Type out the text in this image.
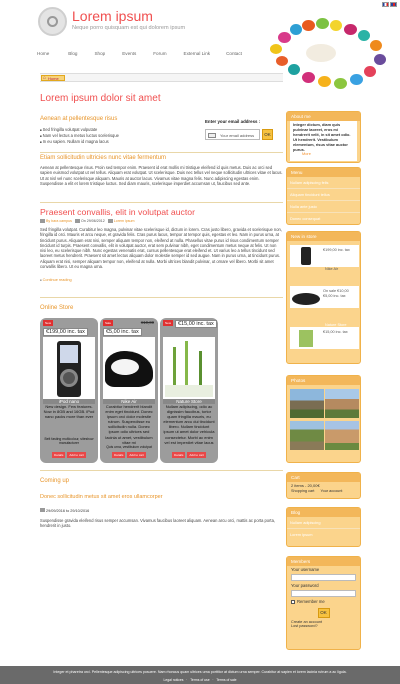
Lorem ipsum
Neque porro quisquam est qui dolorem ipsum
Home	Blog	Shop	Events	Forum	External Link	Contact
⌂ Home
Lorem ipsum dolor sit amet
Aenean at pellentesque risus
■ Sed fringilla volutpat vulputate
■ Nam vel lectus a metus luctus scelerisque
■ In eu sapien. Nullam id magna lacus
Enter your email address :
Your email address	OK
Etiam sollicitudin ultricies nunc vitae fermentum
Aenean at pellentesque risus. Proin sed tempor enim. Praesent id erat mollis mi tristique eleifend id quis metus. Duis ac orci sed sapien euismod volutpat ut vel tellus. Aliquam erat volutpat. Ut scelerisque. Duis nec tellus vel neque sollicitudin ultrices vitae et lacus. Ut at nisl vel nunc scelerisque aliquam. Mauris at auctor lacus. Vivamus vitae magna felis. Nunc adipiscing egestas enim. Suspendisse a elit et lorem tristique luctus. Sed diam mauris, scelerisque imperdiet accumsan ut, faucibus sed ante.
Praesent convallis, elit in volutpat auctor
By bara campus	On 29/06/2012	Lorem ipsum
Sed fringilla volutpat. Curabitur leo magna, pulvinar vitae scelerisque id, dictum in lorem. Cras justo libero, gravida et scelerisque non, fringilla id orci. Mauris et arcu neque, et gravida felis. Cras purus lacus, tempor at tempor quis, egestas et leo. Nam in purus urna, at tincidunt purus. Aliquam erat nisi, semper aliquam tempor non, eleifend at nulla. Phasellus vitae purus id risus condimentum semper tincidunt id turpis. Praesent convallis, elit in volutpat auctor, erat sem pulvinar nibh, eget condimentum metus neque at felis. Ut non nisi leo, eu scelerisque nibh. Nunc egestas venenatis erat, cursus pellentesque erat eleifend et. Ut varius leo a tellus tincidunt sed laoreet metus hendrerit. Praesent sit amet lectus aliquam dolor molestie semper id sed augue. Nam in purus urna, at tincidunt purus. Aliquam erat nisi, semper aliquam tempor non, eleifend at nulla. Morbi ultrices blandit pulvinar, ut ornare vel libero. Morbi sit amet convallis libero. Ut eu magna urna.
■ Continue reading
Online Store
New
€199,00 inc. tax
iPod nano
New design. Few features. Now in 8GB and 16GB. iPod nano packs more than ever
Belt fasting multicolour, siteshow manufacturer
Details	Add to cart
Sale	€10,00
€5,00 inc. tax
Nike Air
Curabitur hendrerit blandit enim eget tincidunt. Donec ipsum orci dolor molestie rutrum. Suspendisse eu sollicitudin nulla. Donec ipsum odio ultrices sed lacinia ut amet, vestibulum vitae mi
Quis urna, vestibulum volutpat
Details	Add to cart
New	€15,00 inc. tax
Nature Store
Nullam adipiscing, odio ac dignissim faucibus, tortor quam fringilla mauris, eu elementum arcu dui tincidunt libero. Nullam tincidunt ipsum ut amet dolor vehicula consectetur. Morbi ac enim vel est imperdiet vitae lacus
Details	Add to cart
Coming up
Donec sollicitudin metus sit amet eros ullamcorper
29/09/2016 to 29/10/2016
Suspendisse gravida eleifend risus semper accumsan. Vivamus faucibus laoreet aliquam. Aenean arcu orci, mattis ac porta porta, hendrerit in justo.
About me
Integer dictum, diam quis pulvinar laoreet, eros mi hendrerit velit, in sit amet odio. Ut hendrerit. Vestibulum elementum, risus vitae auctor purus.
More
Menu
Nullam adipiscing felis
Aliquam tincidunt tellus
Nulla ante justo
Donec consequat
New in store
€199,00 inc. tax
On sale €10,00 €5,00 inc. tax
€15,00 inc. tax
Nike Air
Nature Store
Photos
Cart
2 items - 20,00€
Shopping cart Your account
Blog
Nullam adipiscing
Lorem ipsum
Members
Your username
Your password
Remember me
OK
Create an account
Lost password?
Integer et pharetra orci. Pellentesque adipiscing ultrices posuere. Nam rhoncus quam ultrices urna porttitor at dictum urna semper. Curabitur at sapien et lorem lacinia rutrum a ac ligula.
Legal notices   ·   Terms of use   ·   Terms of sale
